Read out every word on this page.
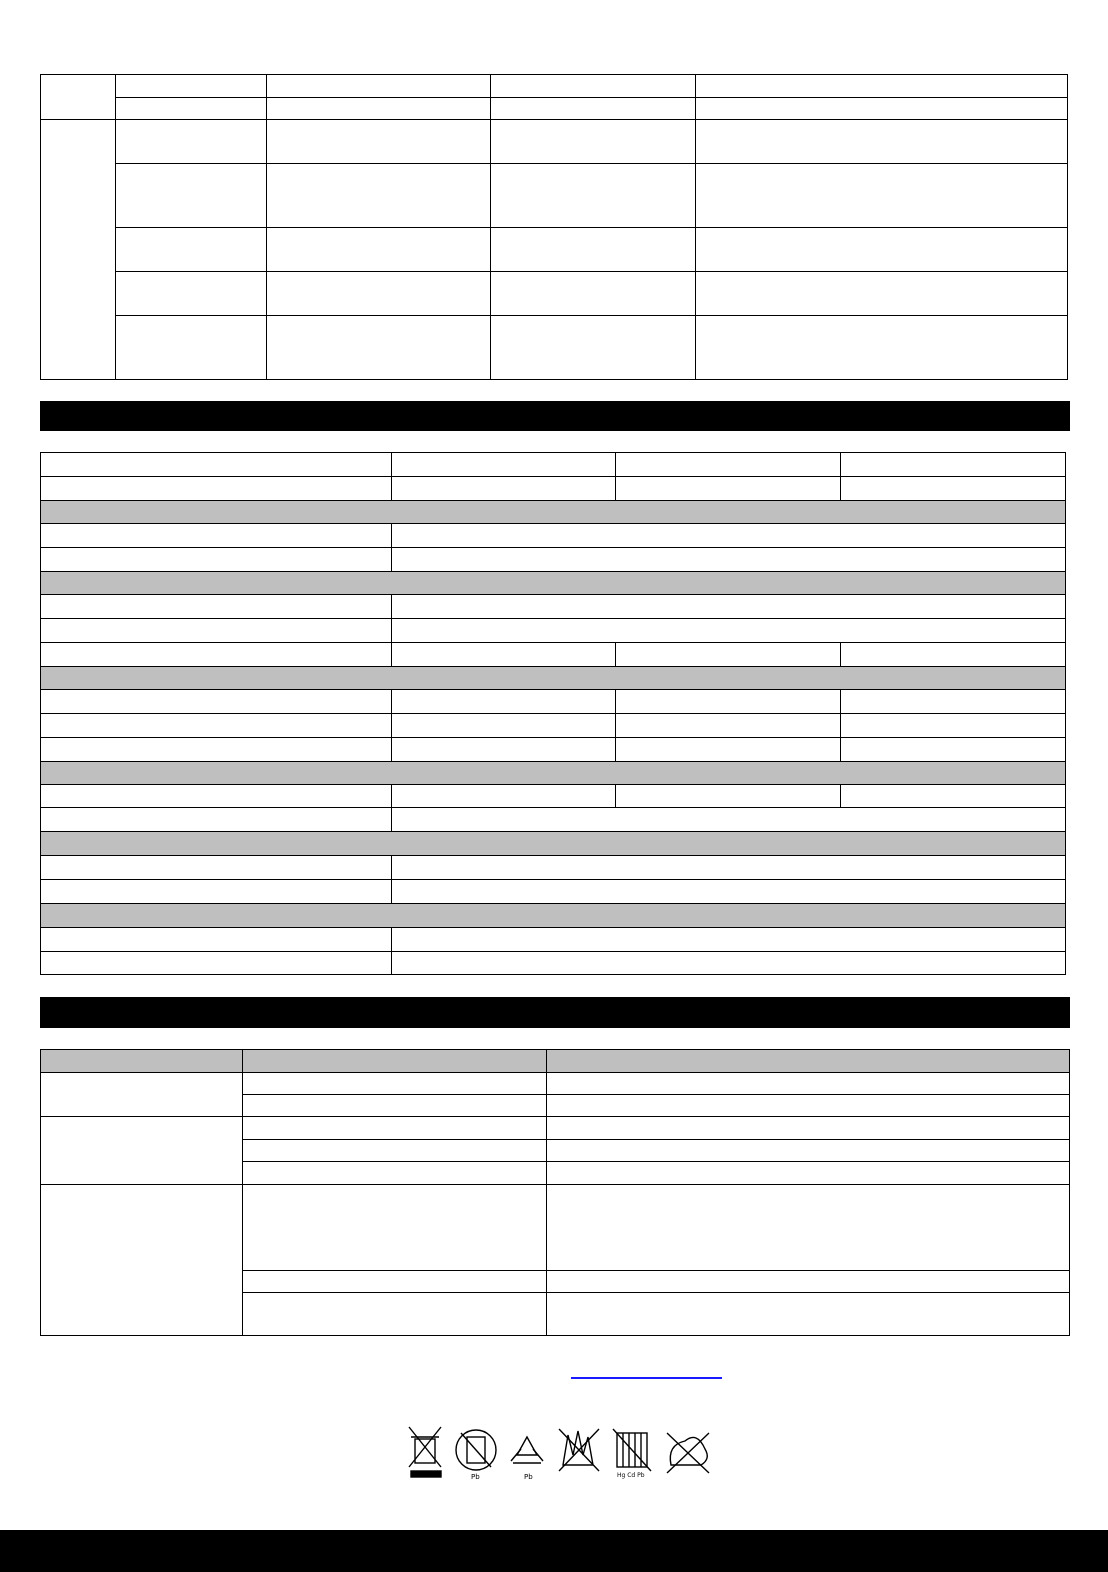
Pb	Pb	Hg Cd Pb
